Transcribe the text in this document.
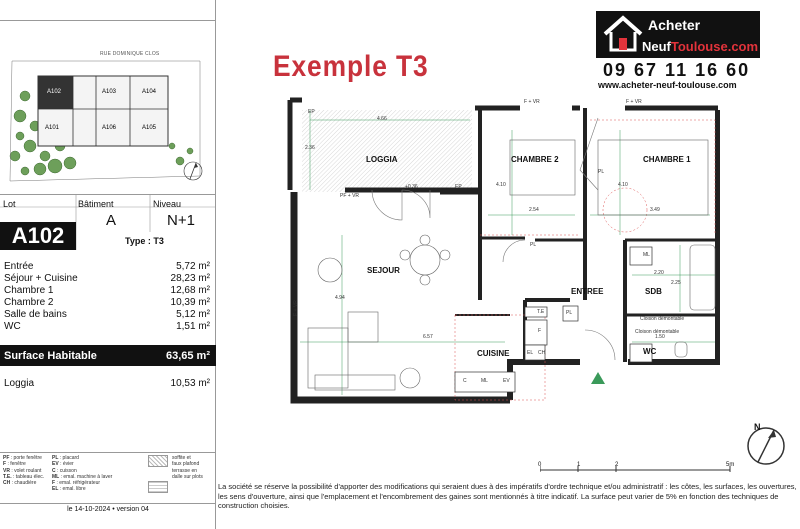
RUE DOMINIQUE CLOS
A102	A103	A104
A101	A106	A105
Lot	Bâtiment	Niveau
A102
A	N+1
Type : T3
Entrée	5,72 m²
Séjour + Cuisine	28,23 m²
Chambre 1	12,68 m²
Chambre 2	10,39 m²
Salle de bains	5,12 m²
WC	1,51 m²
Surface Habitable	63,65 m²
Loggia	10,53 m²
PF : porte fenêtre
F : fenêtre
VR : volet roulant
T.E. : tableau élec.
CH : chaudière
PL : placard
EV : évier
C : cuisson
ML : emal. machine à laver
F : emal. réfrigérateur
EL : emal. libre
soffite et
faux plafond
terrasse en
dalle sur plots
le 14-10-2024 • version 04
Exemple T3
Acheter
NeufToulouse.com
09 67 11 16 60
www.acheter-neuf-toulouse.com
LOGGIA	CHAMBRE 2	CHAMBRE 1
SEJOUR
ENTREE	SDB
CUISINE	WC
4.66
2.36
4.10
2.54
4.10
3.49
4.94
6.57
2.20
2.25
1.50
+0.36
PF + VR
F + VR	F + VR
F + VR
EP
EP
PL
PL
PL
T.E
F
EL CH
ML
ML	EV
C
Cloison démontable
Cloison démontable
0	1	2	5m
N
La société se réserve la possibilité d'apporter des modifications qui seraient dues à des impératifs d'ordre technique et/ou administratif : les côtes, les surfaces, les ouvertures, les sens d'ouverture, ainsi que l'emplacement et l'encombrement des gaines sont mentionnés à titre indicatif. La surface peut varier de 5% en fonction des techniques de construction choisies.
